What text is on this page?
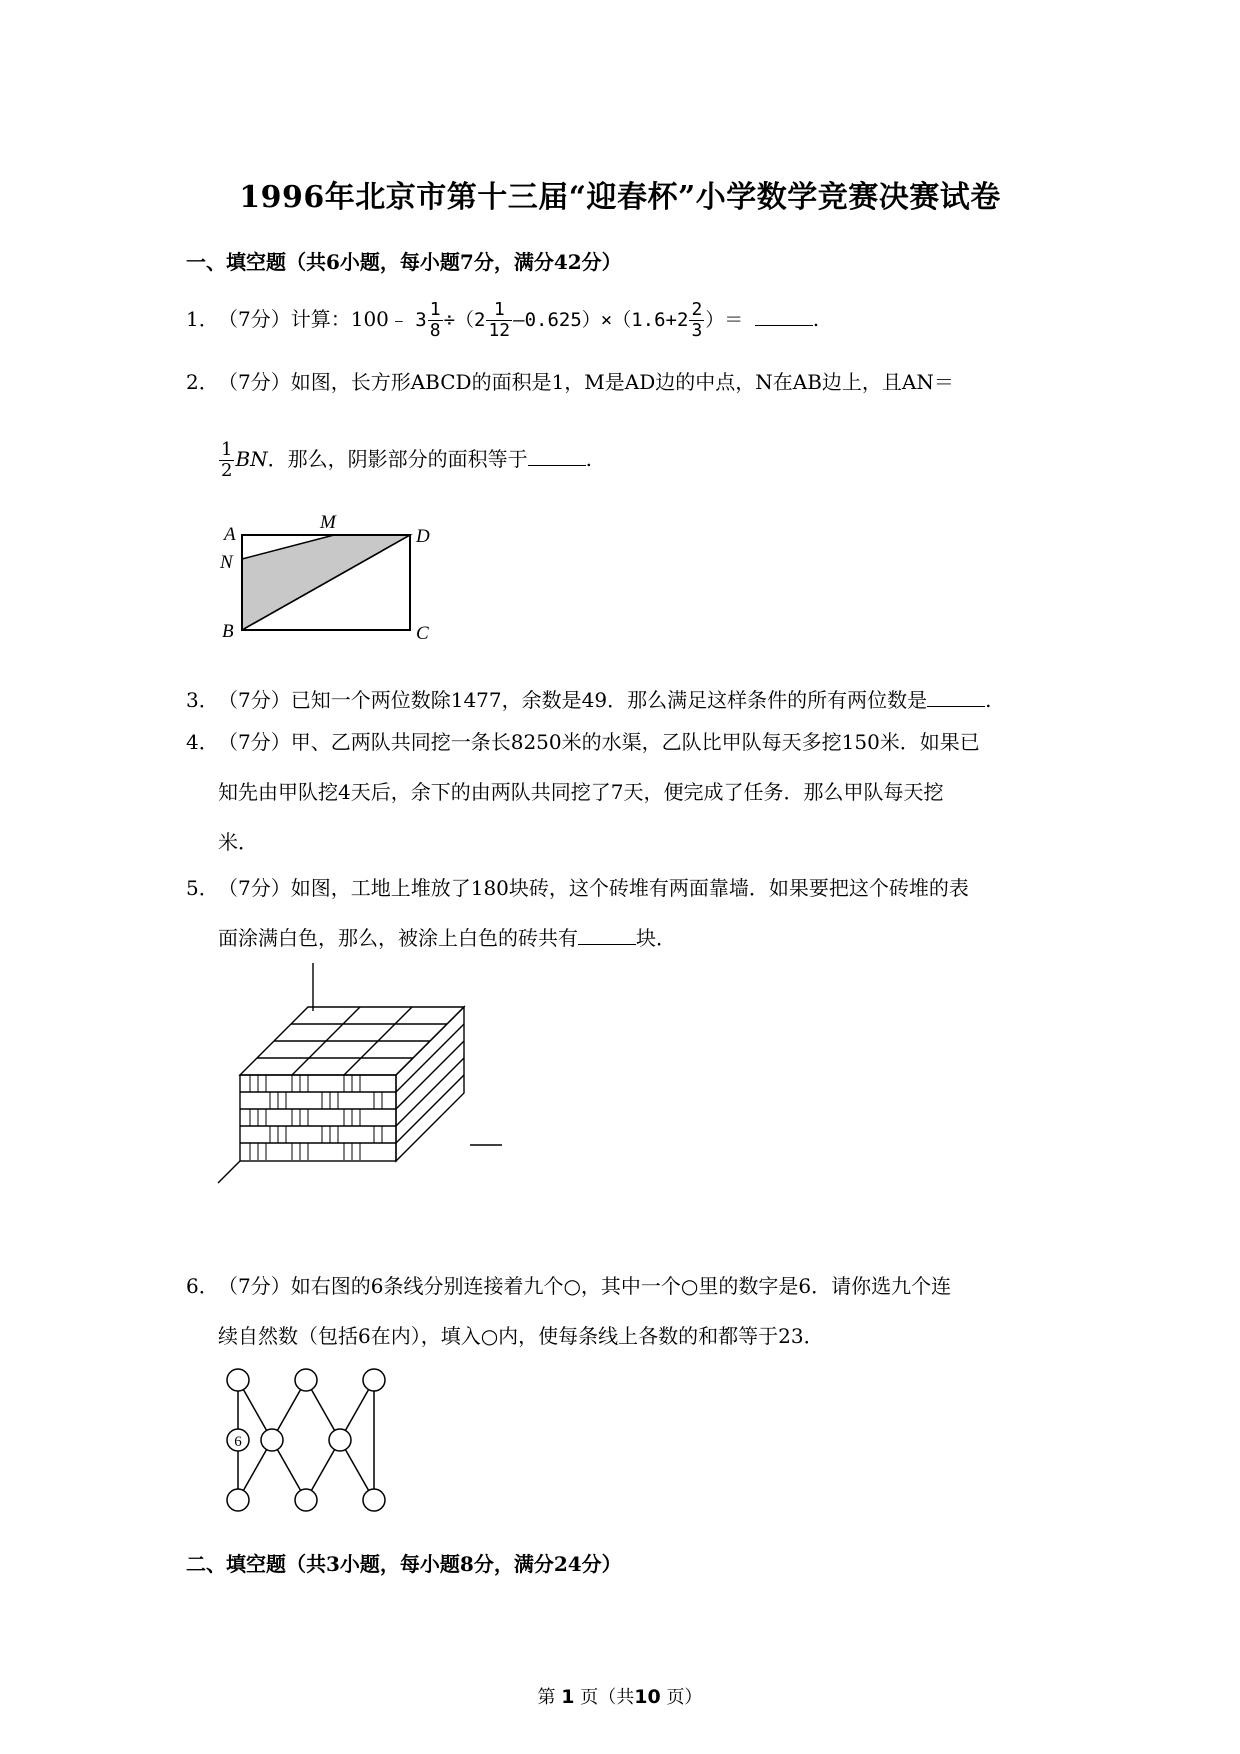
1996年北京市第十三届“迎春杯”小学数学竞赛决赛试卷
一、填空题（共6小题，每小题7分，满分42分）
1．（7分）计算：100﹣ $3 \frac{1}{8} \div(2 \frac{1}{12} -0.625)\times(1.6+2 \frac{2}{3}$ ）＝	.
2．（7分）如图，长方形ABCD的面积是1，M是AD边的中点，N在AB边上，且AN＝
$\frac{1}{2}$ BN．那么，阴影部分的面积等于	.
A
M
D
N
B	C
3．（7分）已知一个两位数除1477，余数是49．那么满足这样条件的所有两位数是	.
4．（7分）甲、乙两队共同挖一条长8250米的水渠，乙队比甲队每天多挖150米．如果已
知先由甲队挖4天后，余下的由两队共同挖了7天，便完成了任务．那么甲队每天挖
米．
5．（7分）如图，工地上堆放了180块砖，这个砖堆有两面靠墙．如果要把这个砖堆的表
面涂满白色，那么，被涂上白色的砖共有	块．
6．（7分）如右图的6条线分别连接着九个○，其中一个○里的数字是6．请你选九个连
续自然数（包括6在内），填入○内，使每条线上各数的和都等于23．
6
二、填空题（共3小题，每小题8分，满分24分）
第 1 页（共10 页）
